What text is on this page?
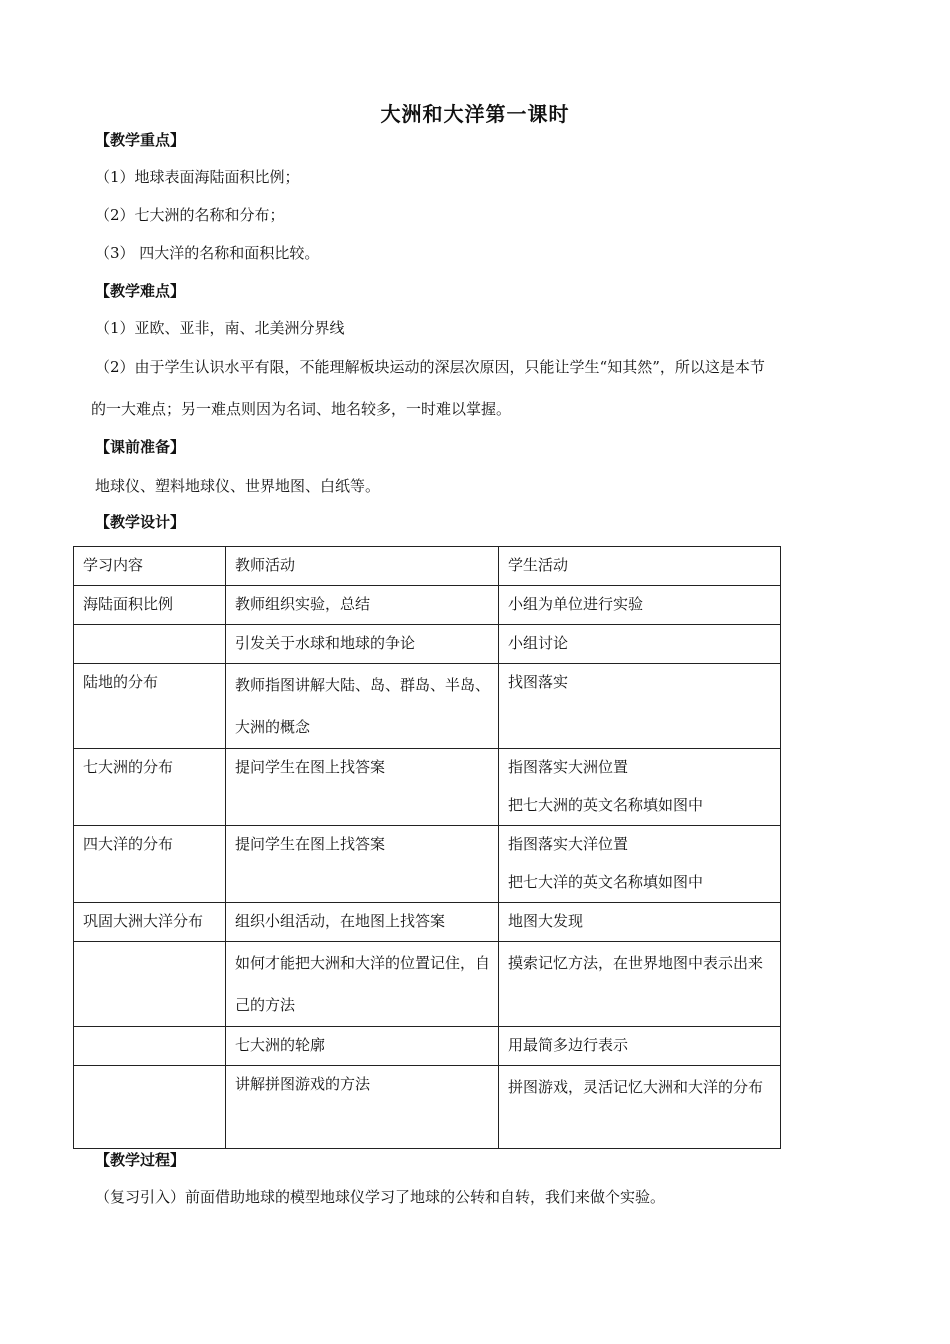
大洲和大洋第一课时
【教学重点】
（1）地球表面海陆面积比例；
（2）七大洲的名称和分布；
（3） 四大洋的名称和面积比较。
【教学难点】
（1）亚欧、亚非，南、北美洲分界线
（2）由于学生认识水平有限，不能理解板块运动的深层次原因，只能让学生“知其然”，所以这是本节
的一大难点；另一难点则因为名词、地名较多，一时难以掌握。
【课前准备】
地球仪、塑料地球仪、世界地图、白纸等。
【教学设计】
学习内容	教师活动	学生活动
海陆面积比例	教师组织实验，总结	小组为单位进行实验
	引发关于水球和地球的争论	小组讨论
陆地的分布	教师指图讲解大陆、岛、群岛、半岛、大洲的概念	找图落实
七大洲的分布	提问学生在图上找答案	指图落实大洲位置
把七大洲的英文名称填如图中

四大洋的分布	提问学生在图上找答案	指图落实大洋位置
把七大洋的英文名称填如图中

巩固大洲大洋分布	组织小组活动，在地图上找答案	地图大发现
	如何才能把大洲和大洋的位置记住，自己的方法	摸索记忆方法，在世界地图中表示出来
	七大洲的轮廓	用最简多边行表示
	讲解拼图游戏的方法	拼图游戏，灵活记忆大洲和大洋的分布
【教学过程】
（复习引入）前面借助地球的模型地球仪学习了地球的公转和自转，我们来做个实验。
